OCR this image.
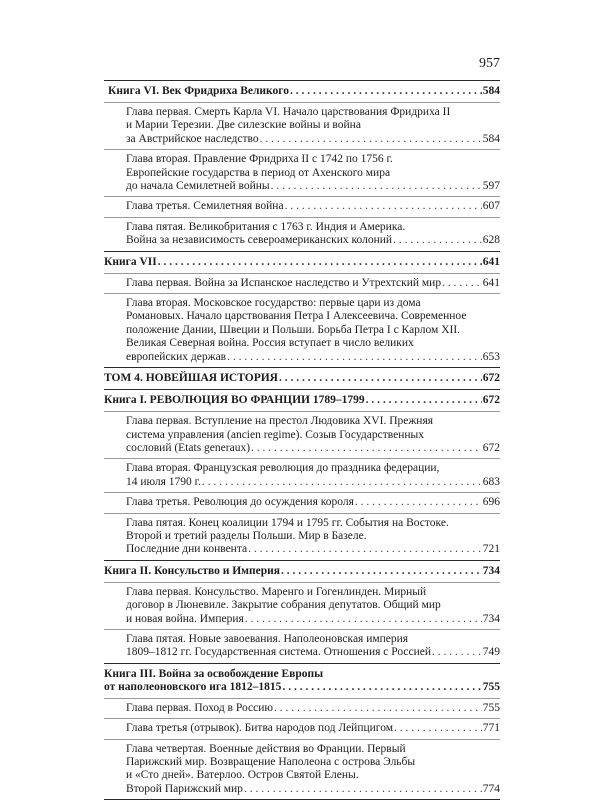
957
Книга VI. Век Фридриха Великого . . .	584
Глава первая. Смерть Карла VI. Начало царствования Фридриха II
и Марии Терезии. Две силезские войны и война
за Австрийское наследство . . .	584
Глава вторая. Правление Фридриха II с 1742 по 1756 г.
Европейские государства в период от Ахенского мира
до начала Семилетней войны . . .	597
Глава третья. Семилетняя война . . .	607
Глава пятая. Великобритания с 1763 г. Индия и Америка.
Война за независимость североамериканских колоний . . .	628
Книга VII . . .	641
Глава первая. Война за Испанское наследство и Утрехтский мир . . .	641
Глава вторая. Московское государство: первые цари из дома
Романовых. Начало царствования Петра I Алексеевича. Современное
положение Дании, Швеции и Польши. Борьба Петра I с Карлом XII.
Великая Северная война. Россия вступает в число великих
европейских держав . . .	653
ТОМ 4. НОВЕЙШАЯ ИСТОРИЯ . . .	672
Книга I. РЕВОЛЮЦИЯ ВО ФРАНЦИИ 1789–1799 . . .	672
Глава первая. Вступление на престол Людовика XVI. Прежняя
система управления (ancien regime). Созыв Государственных
сословий (Etats generaux) . . .	672
Глава вторая. Французская революция до праздника федерации,
14 июля 1790 г. . . .	683
Глава третья. Революция до осуждения короля . . .	696
Глава пятая. Конец коалиции 1794 и 1795 гг. События на Востоке.
Второй и третий разделы Польши. Мир в Базеле.
Последние дни конвента . . .	721
Книга II. Консульство и Империя . . .	734
Глава первая. Консульство. Маренго и Гогенлинден. Мирный
договор в Люневиле. Закрытие собрания депутатов. Общий мир
и новая война. Империя . . .	734
Глава пятая. Новые завоевания. Наполеоновская империя
1809–1812 гг. Государственная система. Отношения с Россией . . .	749
Книга III. Война за освобождение Европы
от наполеоновского ига 1812–1815 . . .	755
Глава первая. Поход в Россию . . .	755
Глава третья (отрывок). Битва народов под Лейпцигом . . .	771
Глава четвертая. Военные действия во Франции. Первый
Парижский мир. Возвращение Наполеона с острова Эльбы
и «Сто дней». Ватерлоо. Остров Святой Елены.
Второй Парижский мир . . .	774
